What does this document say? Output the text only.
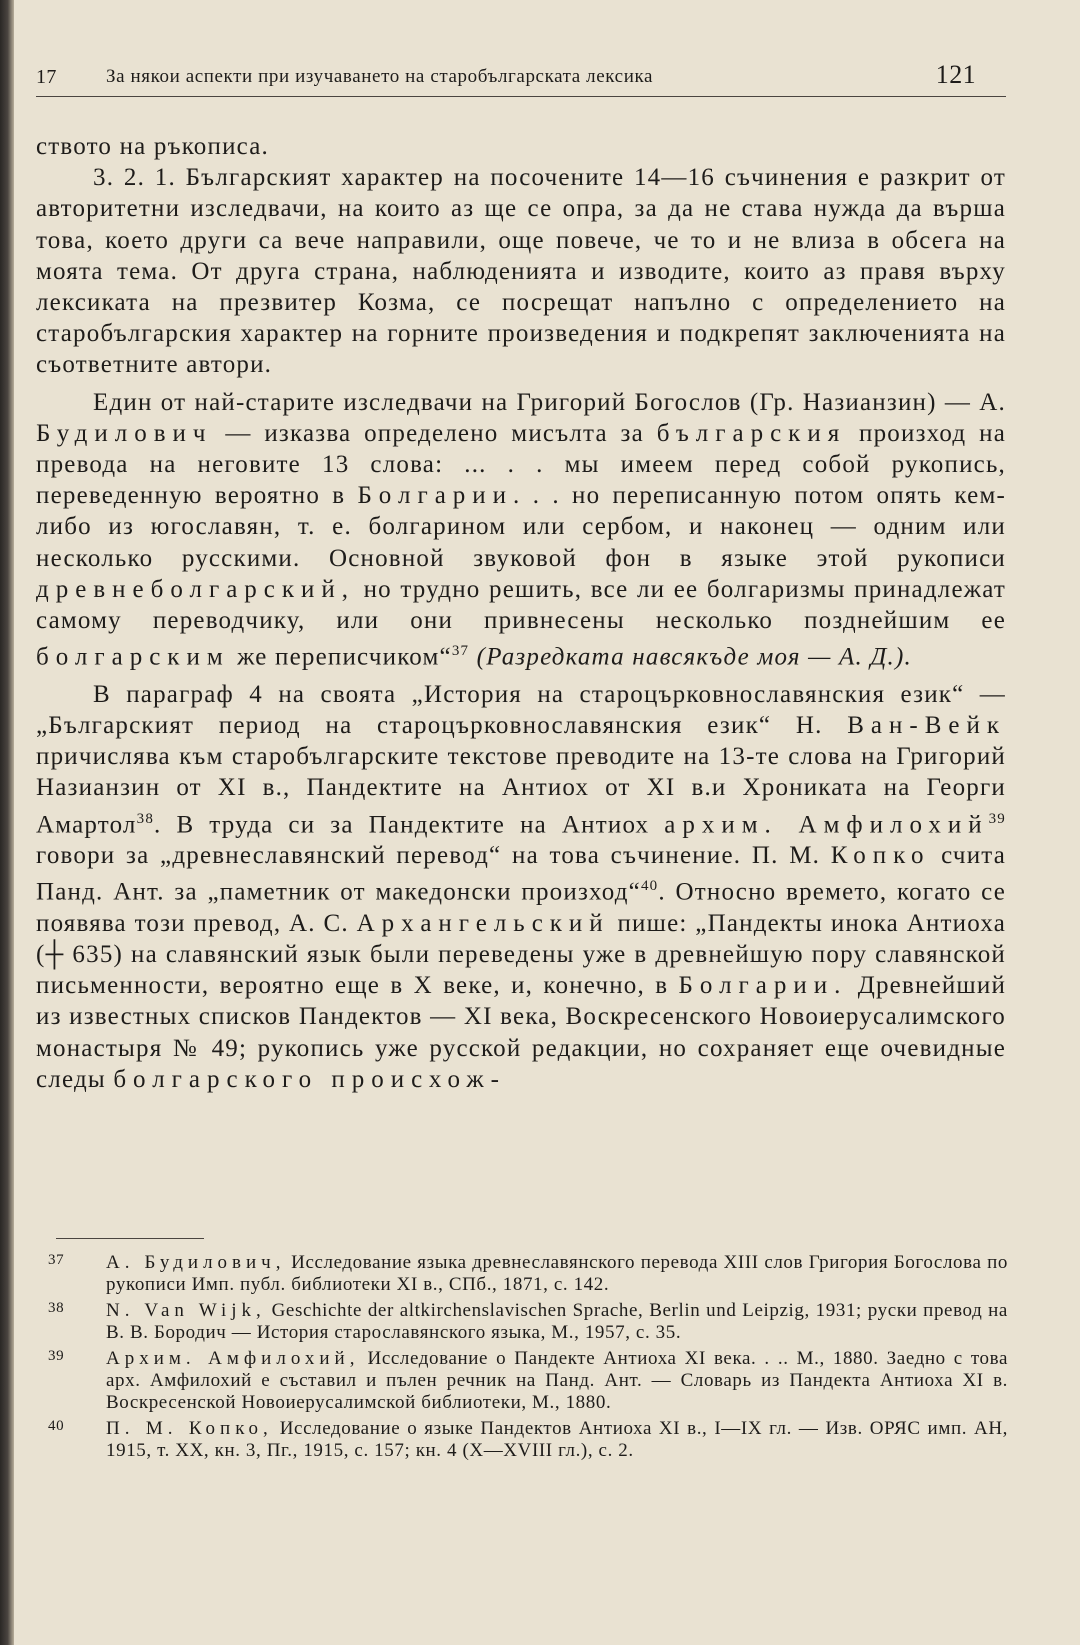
17	За някои аспекти при изучаването на старобългарската лексика	121

ството на ръкописа.

3. 2. 1. Българският характер на посочените 14—16 съчинения е разкрит от авторитетни изследвачи, на които аз ще се опра, за да не става нужда да върша това, което други са вече направили, още повече, че то и не влиза в обсега на моята тема. От друга страна, наблюденията и изводите, които аз правя върху лексиката на презвитер Козма, се посрещат напълно с определението на старобългарския характер на горните произведения и подкрепят заключенията на съответните автори.

Един от най-старите изследвачи на Григорий Богослов (Гр. Назианзин) — А. Будилович — изказва определено мисълта за българския произход на превода на неговите 13 слова: ... . . мы имеем перед собой рукопись, переведенную вероятно в Болгарии. . . но переписанную потом опять кем-либо из югославян, т. е. болгарином или сербом, и наконец — одним или несколько русскими. Основной звуковой фон в языке этой рукописи древнеболгарский, но трудно решить, все ли ее болгаризмы принадлежат самому переводчику, или они привнесены несколько позднейшим ее болгарским же переписчиком“$^{37}$ (Разредката навсякъде моя — А. Д.).

В параграф 4 на своята „История на староцърковнославянския език“ — „Българският период на староцърковнославянския език“ Н. Ван-Вейк причислява към старобългарските текстове преводите на 13-те слова на Григорий Назианзин от XI в., Пандектите на Антиох от XI в.и Хрониката на Георги Амартол$^{38}$. В труда си за Пандектите на Антиох архим. Амфилохий$^{39}$ говори за „древнеславянский перевод“ на това съчинение. П. М. Копко счита Панд. Ант. за „паметник от македонски произход“$^{40}$. Относно времето, когато се появява този превод, А. С. Архангельский пише: „Пандекты инока Антиоха (┼ 635) на славянский язык были переведены уже в древнейшую пору славянской письменности, вероятно еще в X веке, и, конечно, в Болгарии. Древнейший из известных списков Пандектов — XI века, Воскресенского Новоиерусалимского монастыря № 49; рукопись уже русской редакции, но сохраняет еще очевидные следы болгарского происхож-

37 А. Будилович, Исследование языка древнеславянского перевода XIII слов Григория Богослова по рукописи Имп. публ. библиотеки XI в., СПб., 1871, с. 142.
38 N. Van Wijk, Geschichte der altkirchenslavischen Sprache, Berlin und Leipzig, 1931; руски превод на В. В. Бородич — История старославянского языка, М., 1957, с. 35.
39 Архим. Амфилохий, Исследование о Пандекте Антиоха XI века. . .. М., 1880. Заедно с това арх. Амфилохий е съставил и пълен речник на Панд. Ант. — Словарь из Пандекта Антиоха XI в. Воскресенской Новоиерусалимской библиотеки, М., 1880.
40 П. М. Копко, Исследование о языке Пандектов Антиоха XI в., I—IX гл. — Изв. ОРЯС имп. АН, 1915, т. XX, кн. 3, Пг., 1915, с. 157; кн. 4 (X—XVIII гл.), с. 2.
